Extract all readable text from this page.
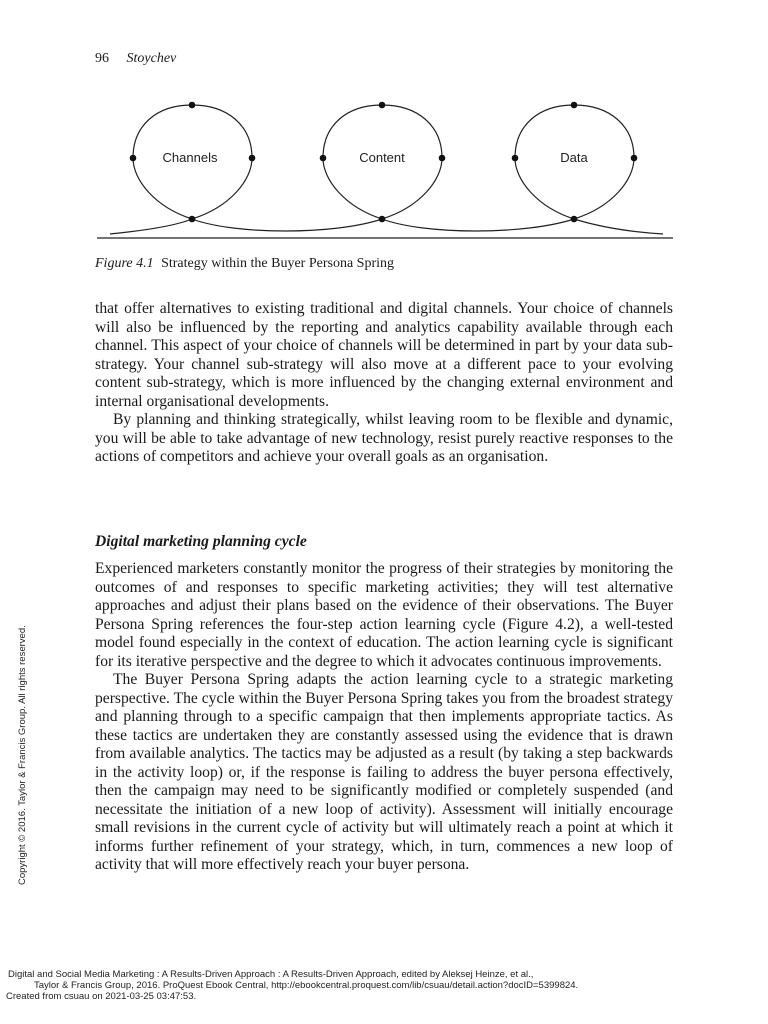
96 Stoychev
Channels	Content	Data
Figure 4.1 Strategy within the Buyer Persona Spring

that offer alternatives to existing traditional and digital channels. Your choice of channels will also be influenced by the reporting and analytics capability available through each channel. This aspect of your choice of channels will be determined in part by your data sub-strategy. Your channel sub-strategy will also move at a different pace to your evolving content sub-strategy, which is more influenced by the changing external environment and internal organisational developments.

By planning and thinking strategically, whilst leaving room to be flexible and dynamic, you will be able to take advantage of new technology, resist purely reactive responses to the actions of competitors and achieve your overall goals as an organisation.

Digital marketing planning cycle

Experienced marketers constantly monitor the progress of their strategies by monitoring the outcomes of and responses to specific marketing activities; they will test alternative approaches and adjust their plans based on the evidence of their observations. The Buyer Persona Spring references the four-step action learning cycle (Figure 4.2), a well-tested model found especially in the context of education. The action learning cycle is significant for its iterative perspective and the degree to which it advocates continuous improvements.

The Buyer Persona Spring adapts the action learning cycle to a strategic marketing perspective. The cycle within the Buyer Persona Spring takes you from the broadest strategy and planning through to a specific campaign that then implements appropriate tactics. As these tactics are undertaken they are constantly assessed using the evidence that is drawn from available analytics. The tactics may be adjusted as a result (by taking a step backwards in the activity loop) or, if the response is failing to address the buyer persona effectively, then the campaign may need to be significantly modified or completely suspended (and necessitate the initiation of a new loop of activity). Assessment will initially encourage small revisions in the current cycle of activity but will ultimately reach a point at which it informs further refinement of your strategy, which, in turn, commences a new loop of activity that will more effectively reach your buyer persona.

Copyright © 2016. Taylor & Francis Group. All rights reserved.
Digital and Social Media Marketing : A Results-Driven Approach : A Results-Driven Approach, edited by Aleksej Heinze, et al.,
Taylor & Francis Group, 2016. ProQuest Ebook Central, http://ebookcentral.proquest.com/lib/csuau/detail.action?docID=5399824.
Created from csuau on 2021-03-25 03:47:53.
